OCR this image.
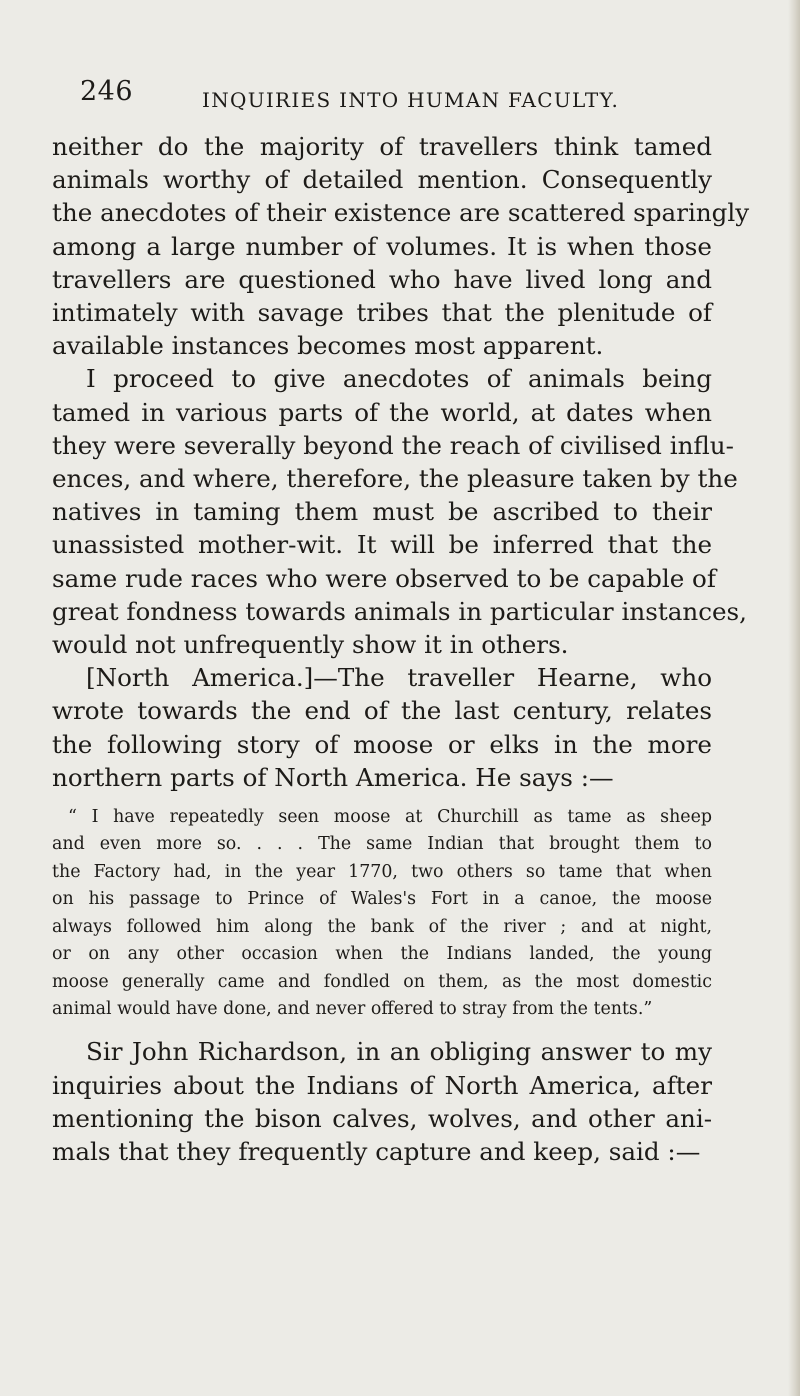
246	INQUIRIES INTO HUMAN FACULTY.
neither do the majority of travellers think tamed
animals worthy of detailed mention. Consequently
the anecdotes of their existence are scattered sparingly
among a large number of volumes. It is when those
travellers are questioned who have lived long and
intimately with savage tribes that the plenitude of
available instances becomes most apparent.
I proceed to give anecdotes of animals being
tamed in various parts of the world, at dates when
they were severally beyond the reach of civilised influ-
ences, and where, therefore, the pleasure taken by the
natives in taming them must be ascribed to their
unassisted mother-wit. It will be inferred that the
same rude races who were observed to be capable of
great fondness towards animals in particular instances,
would not unfrequently show it in others.
[North America.]—The traveller Hearne, who
wrote towards the end of the last century, relates
the following story of moose or elks in the more
northern parts of North America. He says :—
“ I have repeatedly seen moose at Churchill as tame as sheep
and even more so. . . . The same Indian that brought them to
the Factory had, in the year 1770, two others so tame that when
on his passage to Prince of Wales's Fort in a canoe, the moose
always followed him along the bank of the river ; and at night,
or on any other occasion when the Indians landed, the young
moose generally came and fondled on them, as the most domestic
animal would have done, and never offered to stray from the tents.”
Sir John Richardson, in an obliging answer to my
inquiries about the Indians of North America, after
mentioning the bison calves, wolves, and other ani-
mals that they frequently capture and keep, said :—
